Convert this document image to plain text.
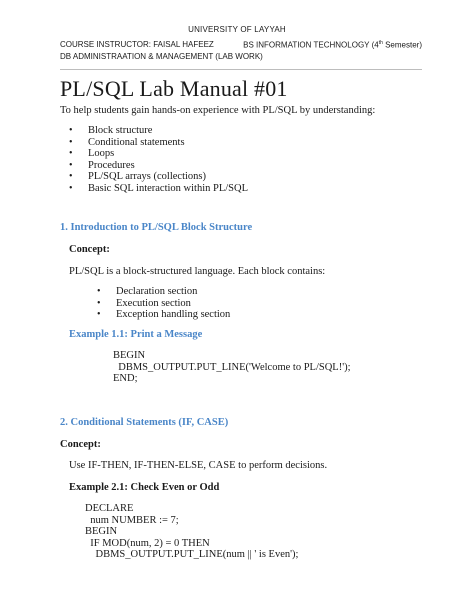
UNIVERSITY OF LAYYAH
COURSE INSTRUCTOR: FAISAL HAFEEZ	BS INFORMATION TECHNOLOGY (4th Semester)
DB ADMINISTRAATION & MANAGEMENT (LAB WORK)
PL/SQL Lab Manual #01
To help students gain hands-on experience with PL/SQL by understanding:
• Block structure
• Conditional statements
• Loops
• Procedures
• PL/SQL arrays (collections)
• Basic SQL interaction within PL/SQL
1. Introduction to PL/SQL Block Structure
Concept:
PL/SQL is a block-structured language. Each block contains:
• Declaration section
• Execution section
• Exception handling section
Example 1.1: Print a Message
BEGIN
DBMS_OUTPUT.PUT_LINE('Welcome to PL/SQL!');
END;
2. Conditional Statements (IF, CASE)
Concept:
Use IF-THEN, IF-THEN-ELSE, CASE to perform decisions.
Example 2.1: Check Even or Odd
DECLARE
num NUMBER := 7;
BEGIN
IF MOD(num, 2) = 0 THEN
DBMS_OUTPUT.PUT_LINE(num || ' is Even');
